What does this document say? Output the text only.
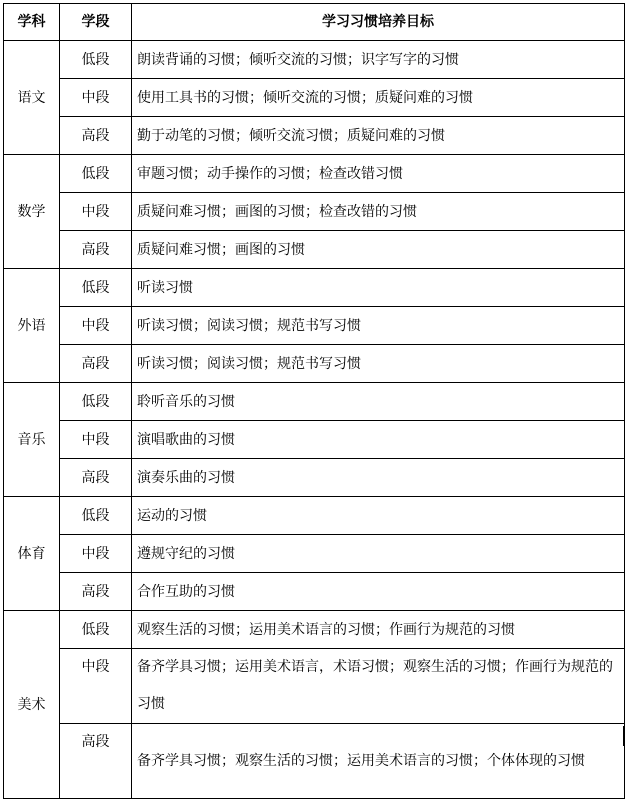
学科	学段	学习习惯培养目标
语文	低段	朗读背诵的习惯；倾听交流的习惯；识字写字的习惯
	中段	使用工具书的习惯；倾听交流的习惯；质疑问难的习惯
	高段	勤于动笔的习惯；倾听交流习惯；质疑问难的习惯
数学	低段	审题习惯；动手操作的习惯；检查改错习惯
	中段	质疑问难习惯；画图的习惯；检查改错的习惯
	高段	质疑问难习惯；画图的习惯
外语	低段	听读习惯
	中段	听读习惯；阅读习惯；规范书写习惯
	高段	听读习惯；阅读习惯；规范书写习惯
音乐	低段	聆听音乐的习惯
	中段	演唱歌曲的习惯
	高段	演奏乐曲的习惯
体育	低段	运动的习惯
	中段	遵规守纪的习惯
	高段	合作互助的习惯
美术	低段	观察生活的习惯；运用美术语言的习惯；作画行为规范的习惯
	中段	备齐学具习惯；运用美术语言，术语习惯；观察生活的习惯；作画行为规范的习惯
	高段	备齐学具习惯；观察生活的习惯；运用美术语言的习惯；个体体现的习惯
